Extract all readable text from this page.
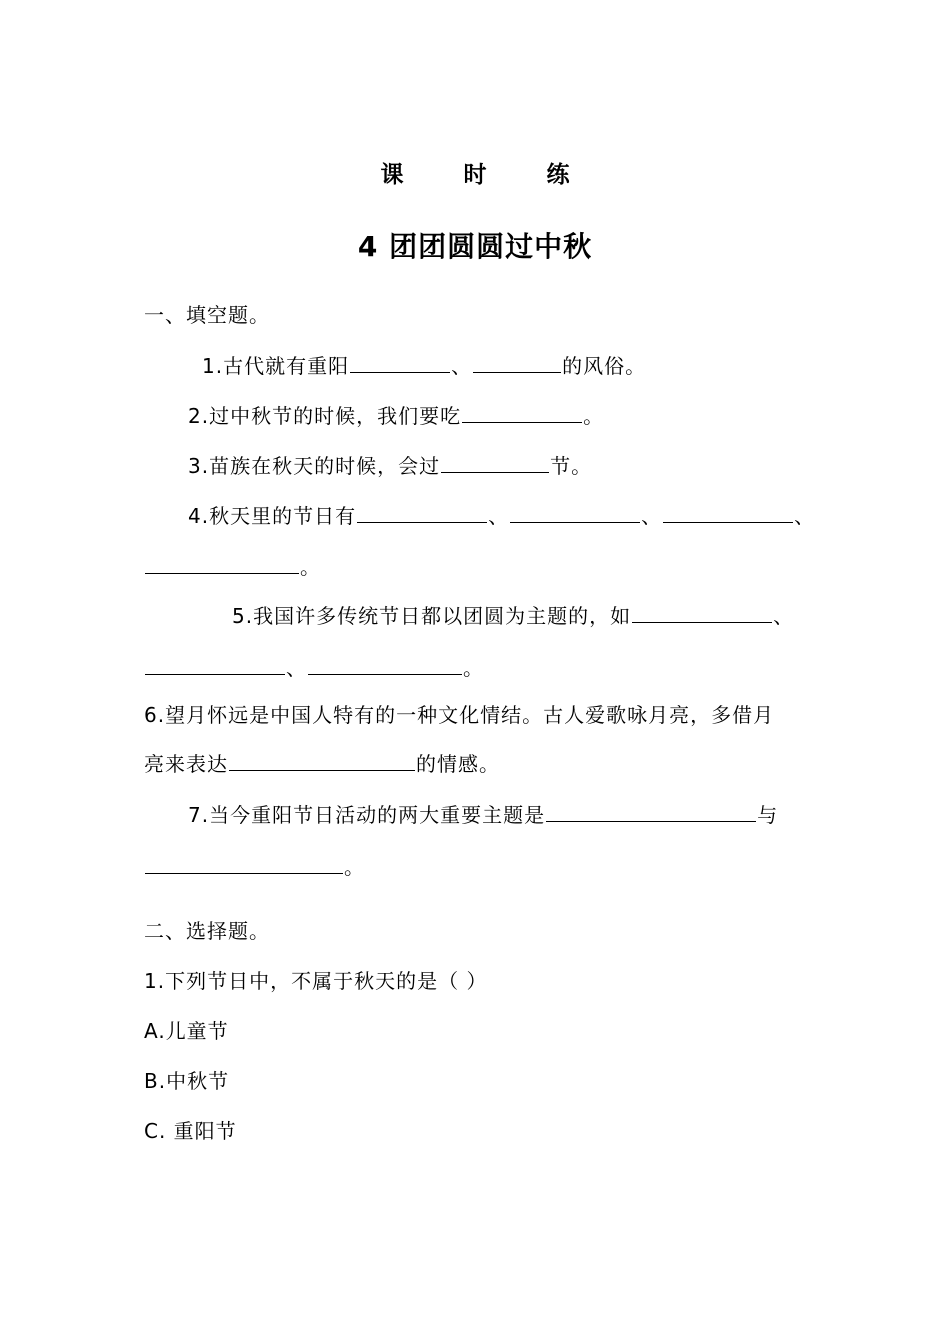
课 时 练
4 团团圆圆过中秋
一、填空题。
1.古代就有重阳	、	的风俗。
2.过中秋节的时候，我们要吃	。
3.苗族在秋天的时候，会过	节。
4.秋天里的节日有	、	、	、
。
5.我国许多传统节日都以团圆为主题的，如	、
、	。
6.望月怀远是中国人特有的一种文化情结。古人爱歌咏月亮，多借月
亮来表达	的情感。
7.当今重阳节日活动的两大重要主题是	与
。
二、选择题。
1.下列节日中，不属于秋天的是（ ）
A.儿童节
B.中秋节
C. 重阳节
